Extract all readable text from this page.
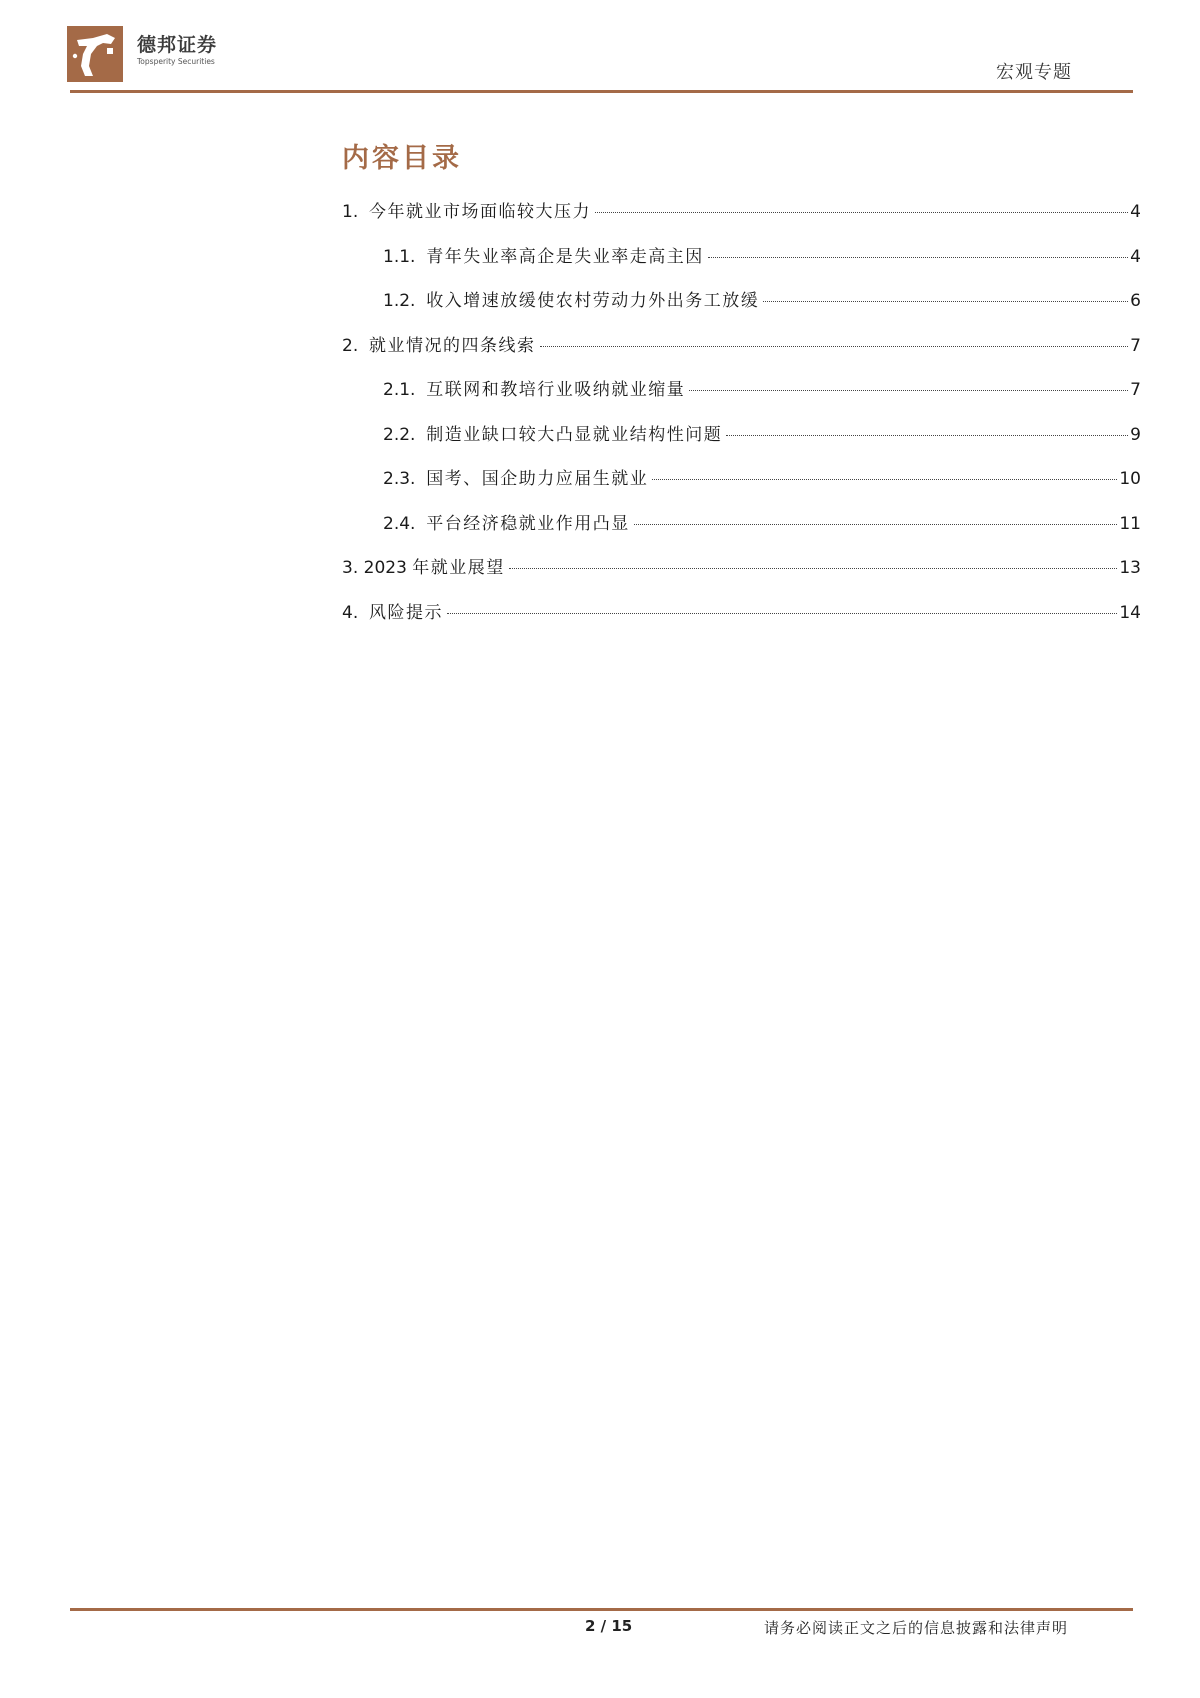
德邦证券
Topsperity Securities
宏观专题
内容目录
1. 今年就业市场面临较大压力	4
1.1. 青年失业率高企是失业率走高主因	4
1.2. 收入增速放缓使农村劳动力外出务工放缓	6
2. 就业情况的四条线索	7
2.1. 互联网和教培行业吸纳就业缩量	7
2.2. 制造业缺口较大凸显就业结构性问题	9
2.3. 国考、国企助力应届生就业	10
2.4. 平台经济稳就业作用凸显	11
3. 2023 年就业展望	13
4. 风险提示	14
2 / 15	请务必阅读正文之后的信息披露和法律声明
